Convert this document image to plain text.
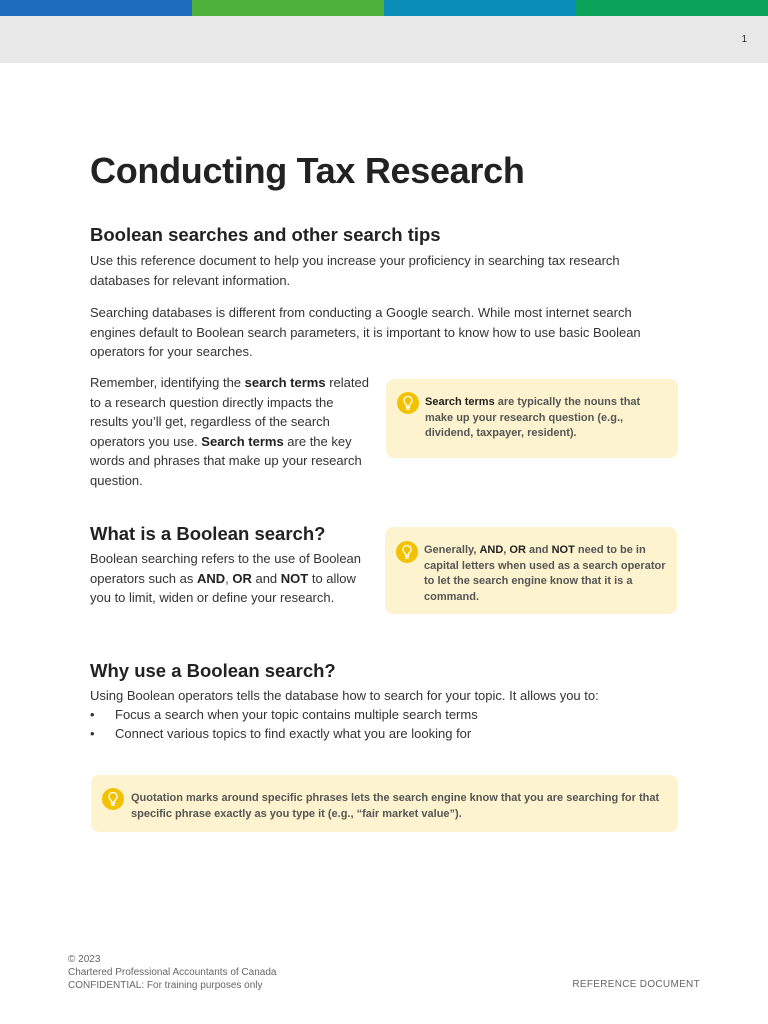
1
Conducting Tax Research
Boolean searches and other search tips

Use this reference document to help you increase your proficiency in searching tax research databases for relevant information.

Searching databases is different from conducting a Google search. While most internet search engines default to Boolean search parameters, it is important to know how to use basic Boolean operators for your searches.

Remember, identifying the search terms related to a research question directly impacts the results you’ll get, regardless of the search operators you use. Search terms are the key words and phrases that make up your research question.

Search terms are typically the nouns that make up your research question (e.g., dividend, taxpayer, resident).

What is a Boolean search?

Boolean searching refers to the use of Boolean operators such as AND, OR and NOT to allow you to limit, widen or define your research.

Generally, AND, OR and NOT need to be in capital letters when used as a search operator to let the search engine know that it is a command.

Why use a Boolean search?

Using Boolean operators tells the database how to search for your topic. It allows you to:

• Focus a search when your topic contains multiple search terms
• Connect various topics to find exactly what you are looking for

Quotation marks around specific phrases lets the search engine know that you are searching for that specific phrase exactly as you type it (e.g., “fair market value”).

© 2023
Chartered Professional Accountants of Canada
CONFIDENTIAL: For training purposes only	REFERENCE DOCUMENT
